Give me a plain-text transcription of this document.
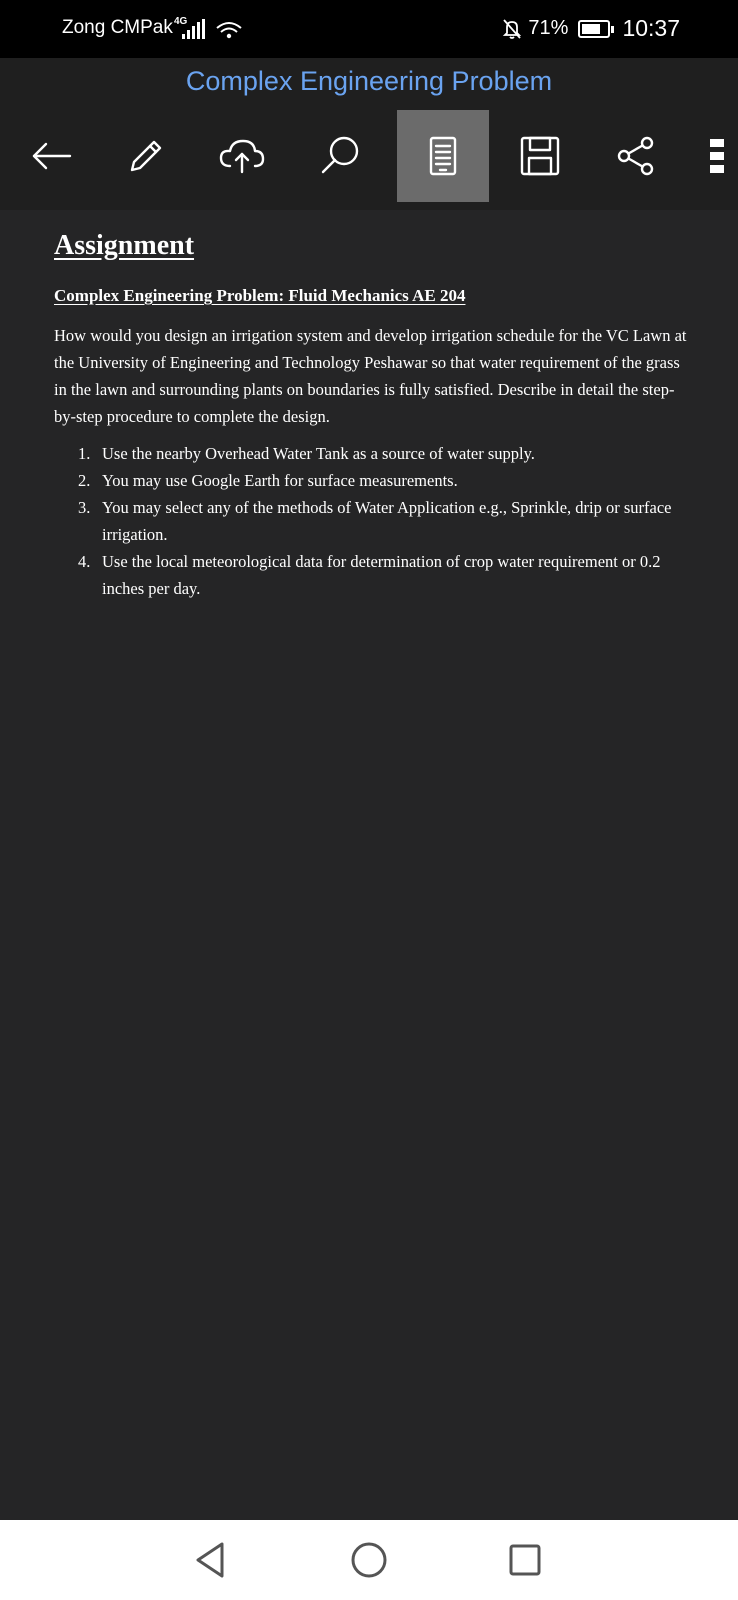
Zong CMPak 4G	71% 10:37
Complex Engineering Problem
Assignment
Complex Engineering Problem: Fluid Mechanics AE 204

How would you design an irrigation system and develop irrigation schedule for the VC Lawn at the University of Engineering and Technology Peshawar so that water requirement of the grass in the lawn and surrounding plants on boundaries is fully satisfied. Describe in detail the step-by-step procedure to complete the design.

1. Use the nearby Overhead Water Tank as a source of water supply.
2. You may use Google Earth for surface measurements.
3. You may select any of the methods of Water Application e.g., Sprinkle, drip or surface irrigation.
4. Use the local meteorological data for determination of crop water requirement or 0.2 inches per day.
